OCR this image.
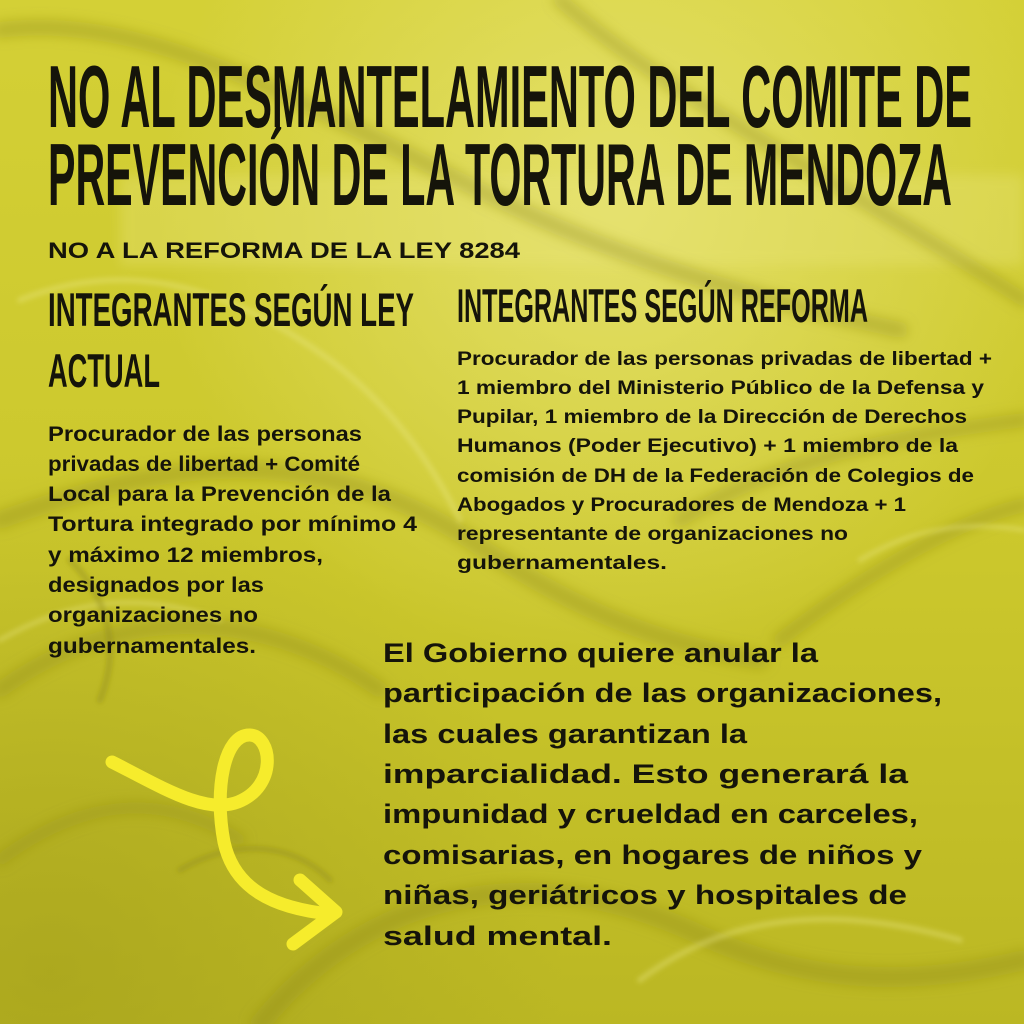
NO AL DESMANTELAMIENTO DEL COMITE DE
PREVENCIÓN DE LA TORTURA DE MENDOZA
NO A LA REFORMA DE LA LEY 8284
INTEGRANTES SEGÚN LEY
ACTUAL
Procurador de las personas
privadas de libertad + Comité
Local para la Prevención de la
Tortura integrado por mínimo 4
y máximo 12 miembros,
designados por las
organizaciones no
gubernamentales.
INTEGRANTES SEGÚN REFORMA
Procurador de las personas privadas de libertad +
1 miembro del Ministerio Público de la Defensa y
Pupilar, 1 miembro de la Dirección de Derechos
Humanos (Poder Ejecutivo) + 1 miembro de la
comisión de DH de la Federación de Colegios de
Abogados y Procuradores de Mendoza + 1
representante de organizaciones no
gubernamentales.
El Gobierno quiere anular la
participación de las organizaciones,
las cuales garantizan la
imparcialidad. Esto generará la
impunidad y crueldad en carceles,
comisarias, en hogares de niños y
niñas, geriátricos y hospitales de
salud mental.
